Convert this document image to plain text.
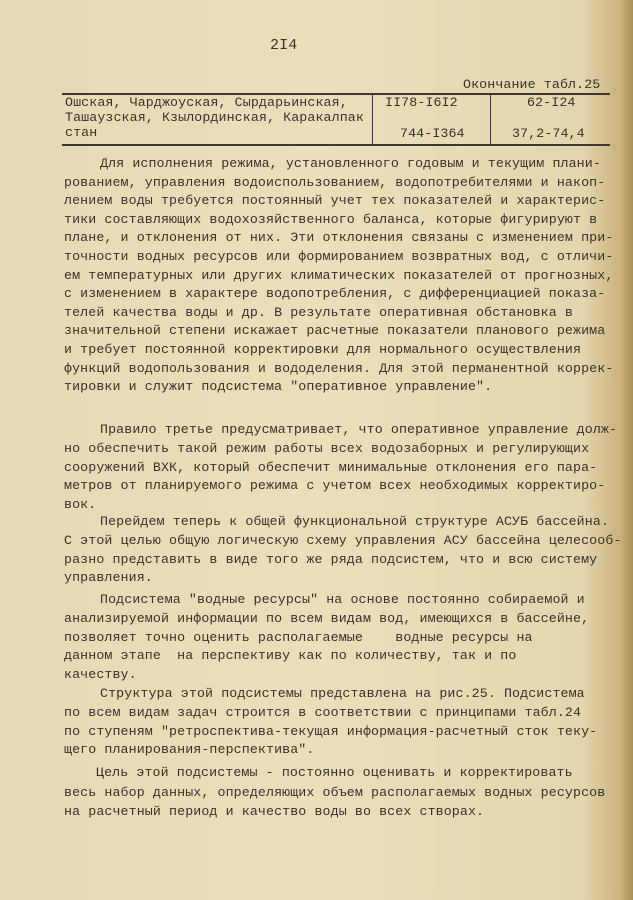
2I4
Окончание табл.25
Ошская, Чарджоуская, Сырдарьинская,
Ташаузская, Кзылординская, Каракалпак
стан
II78-I6I2
744-I364
62-I24
37,2-74,4
Для исполнения режима, установленного годовым и текущим плани-
рованием, управления водоиспользованием, водопотребителями и накоп-
лением воды требуется постоянный учет тех показателей и характерис-
тики составляющих водохозяйственного баланса, которые фигурируют в
плане, и отклонения от них. Эти отклонения связаны с изменением при-
точности водных ресурсов или формированием возвратных вод, с отличи-
ем температурных или других климатических показателей от прогнозных,
с изменением в характере водопотребления, с дифференциацией показа-
телей качества воды и др. В результате оперативная обстановка в
значительной степени искажает расчетные показатели планового режима
и требует постоянной корректировки для нормального осуществления
функций водопользования и вододеления. Для этой перманентной коррек-
тировки и служит подсистема "оперативное управление".
Правило третье предусматривает, что оперативное управление долж-
но обеспечить такой режим работы всех водозаборных и регулирующих
сооружений ВХК, который обеспечит минимальные отклонения его пара-
метров от планируемого режима с учетом всех необходимых корректиро-
вок.
Перейдем теперь к общей функциональной структуре АСУБ бассейна.
С этой целью общую логическую схему управления АСУ бассейна целесооб-
разно представить в виде того же ряда подсистем, что и всю систему
управления.
Подсистема "водные ресурсы" на основе постоянно собираемой и
анализируемой информации по всем видам вод, имеющихся в бассейне,
позволяет точно оценить располагаемые    водные ресурсы на
данном этапе  на перспективу как по количеству, так и по
качеству.
Структура этой подсистемы представлена на рис.25. Подсистема
по всем видам задач строится в соответствии с принципами табл.24
по ступеням "ретроспектива-текущая информация-расчетный сток теку-
щего планирования-перспектива".
Цель этой подсистемы - постоянно оценивать и корректировать
весь набор данных, определяющих объем располагаемых водных ресурсов
на расчетный период и качество воды во всех створах.
